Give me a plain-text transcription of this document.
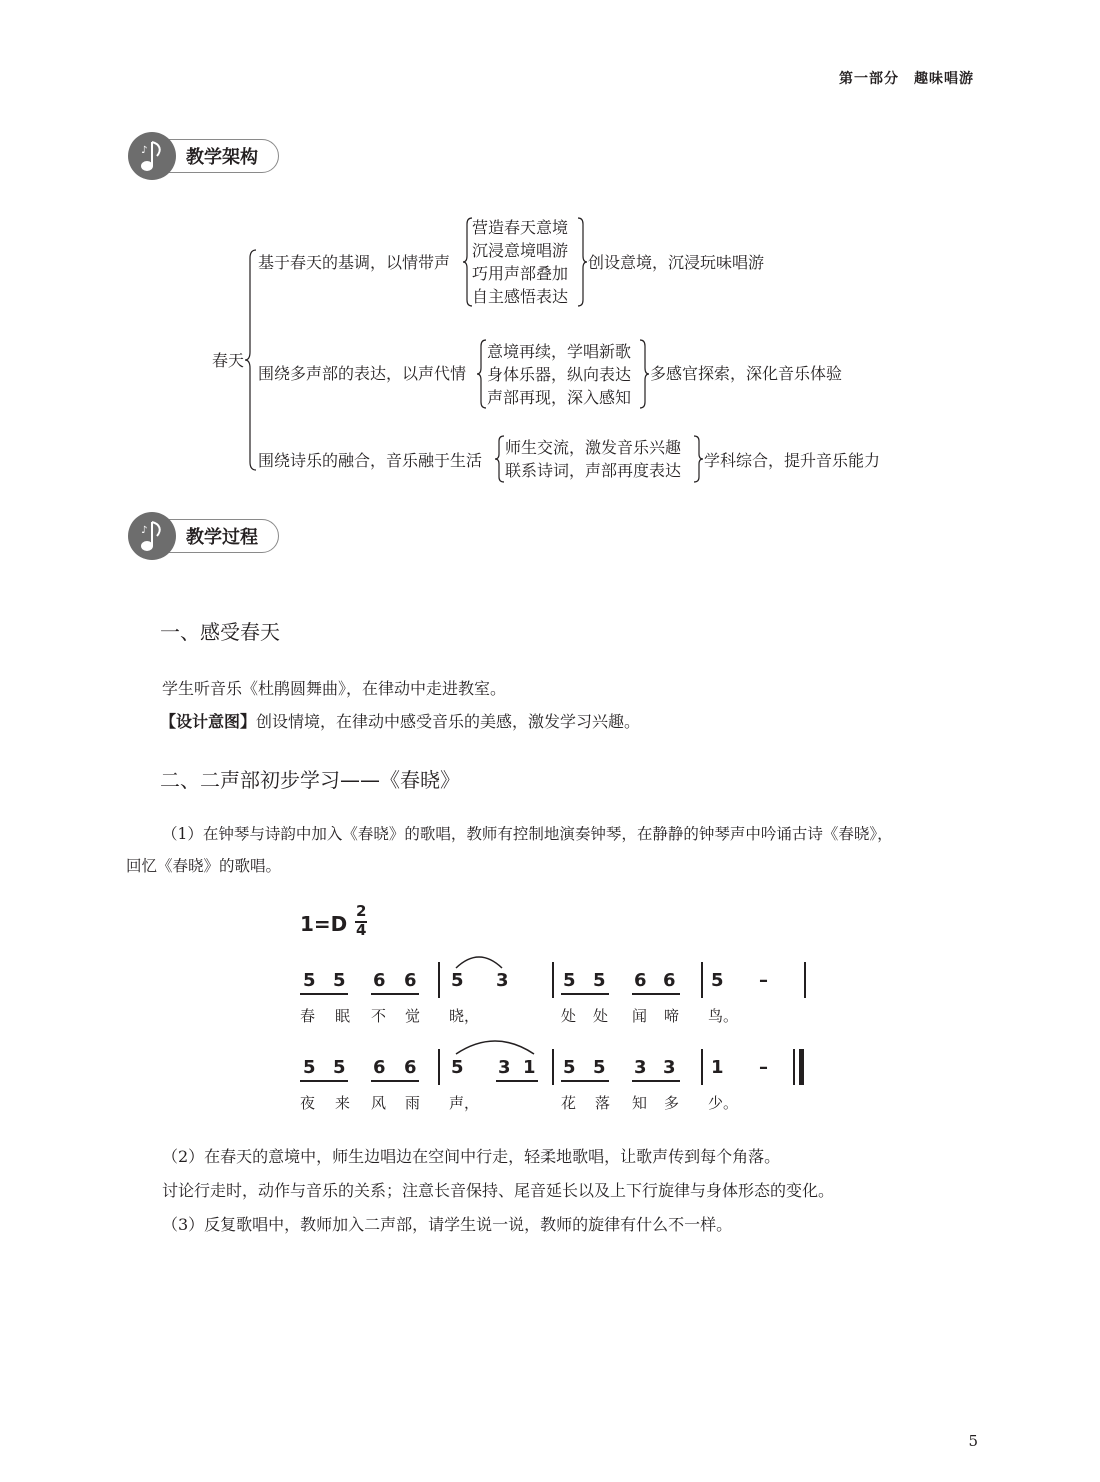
第一部分　趣味唱游
♪ 教学架构
春天
基于春天的基调，以情带声
营造春天意境
沉浸意境唱游
巧用声部叠加
自主感悟表达
创设意境，沉浸玩味唱游
围绕多声部的表达，以声代情
意境再续，学唱新歌
身体乐器，纵向表达
声部再现，深入感知
多感官探索，深化音乐体验
围绕诗乐的融合，音乐融于生活
师生交流，激发音乐兴趣
联系诗词，声部再度表达
学科综合，提升音乐能力
♪ 教学过程
一、感受春天
学生听音乐《杜鹃圆舞曲》，在律动中走进教室。
【设计意图】创设情境，在律动中感受音乐的美感，激发学习兴趣。
二、二声部初步学习——《春晓》
（1）在钟琴与诗韵中加入《春晓》的歌唱，教师有控制地演奏钟琴，在静静的钟琴声中吟诵古诗《春晓》，
回忆《春晓》的歌唱。
1=D
2
4
5 5 6 6 5 3	5 5 6 6 5 –
春 眠 不 觉 晓，	处 处 闻 啼 鸟。
5 5 6 6 5 3 1 5 5 3 3 1 –
夜 来 风 雨 声，	花 落 知 多 少。
（2）在春天的意境中，师生边唱边在空间中行走，轻柔地歌唱，让歌声传到每个角落。
讨论行走时，动作与音乐的关系；注意长音保持、尾音延长以及上下行旋律与身体形态的变化。
（3）反复歌唱中，教师加入二声部，请学生说一说，教师的旋律有什么不一样。
5
